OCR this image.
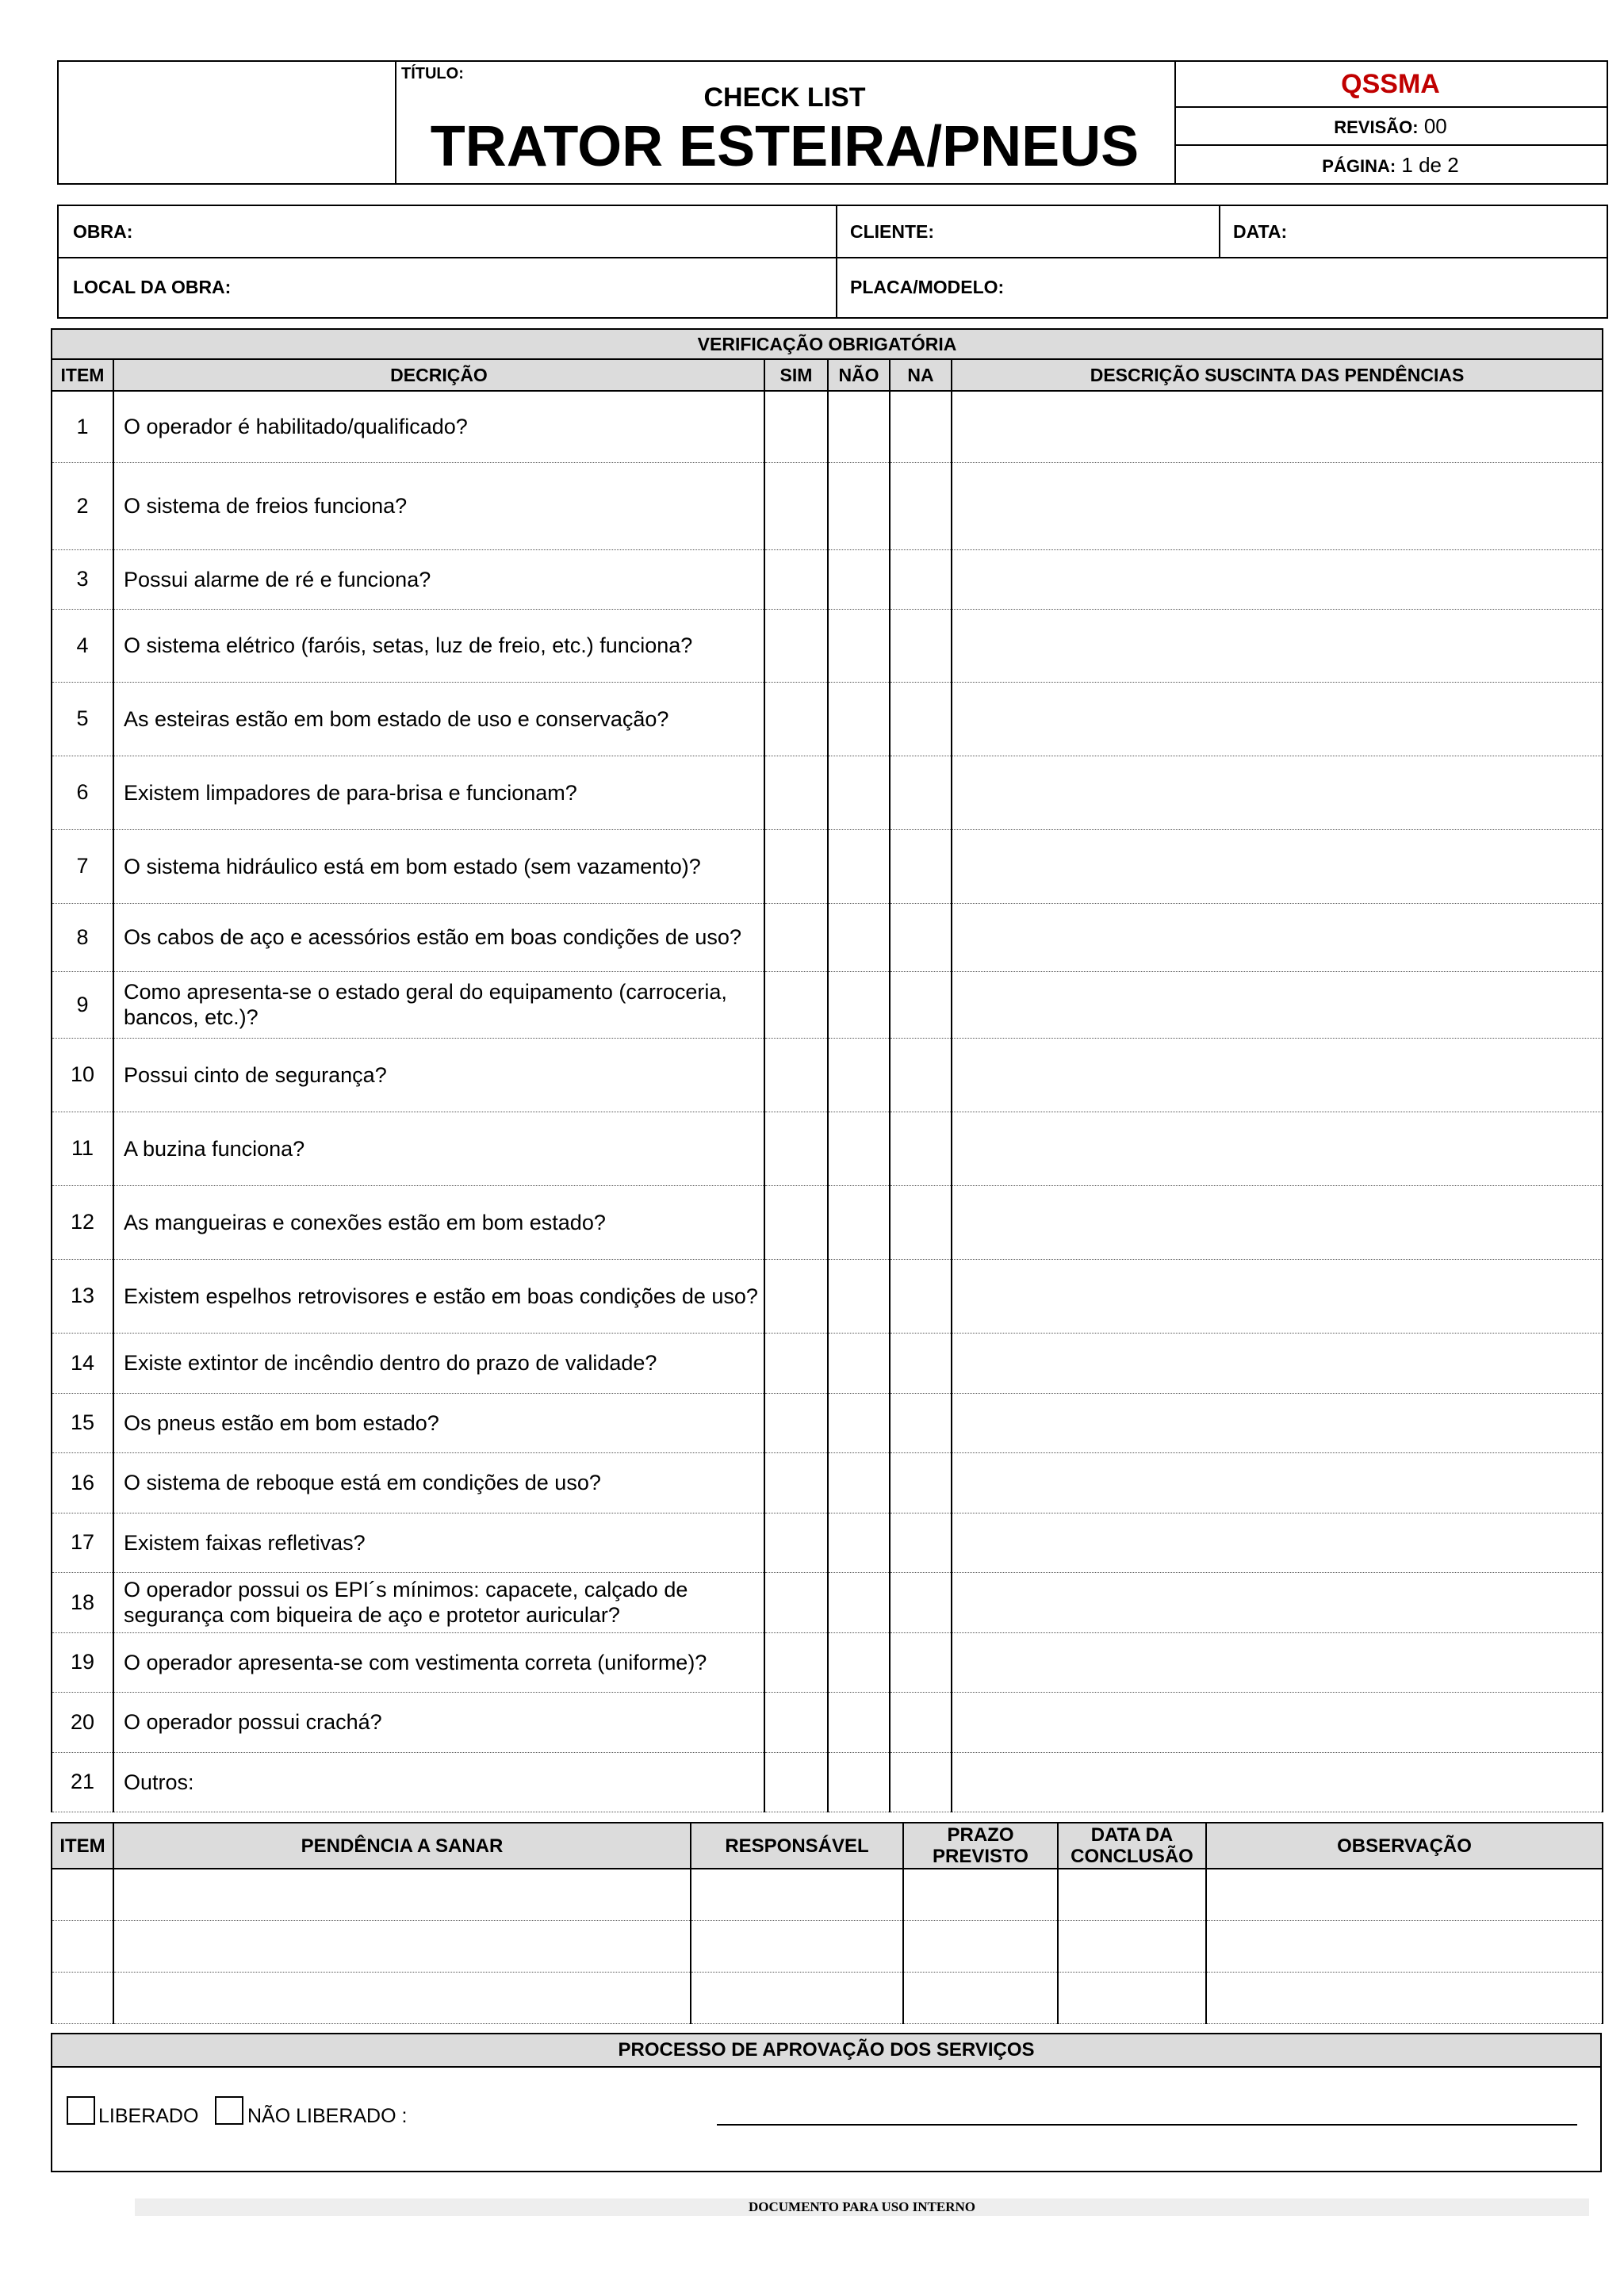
TÍTULO:
CHECK LIST
TRATOR ESTEIRA/PNEUS
QSSMA
REVISÃO: 00
PÁGINA: 1 de 2
OBRA:	CLIENTE:	DATA:
LOCAL DA OBRA:	PLACA/MODELO:
VERIFICAÇÃO OBRIGATÓRIA					
ITEM	DECRIÇÃO	SIM	NÃO	NA	DESCRIÇÃO SUSCINTA DAS PENDÊNCIAS
1	O operador é habilitado/qualificado?				
2	O sistema de freios funciona?				
3	Possui alarme de ré e funciona?				
4	O sistema elétrico (faróis, setas, luz de freio, etc.) funciona?				
5	As esteiras estão em bom estado de uso e conservação?				
6	Existem limpadores de para-brisa e funcionam?				
7	O sistema hidráulico está em bom estado (sem vazamento)?				
8	Os cabos de aço e acessórios estão em boas condições de uso?				
9	Como apresenta-se o estado geral do equipamento (carroceria, bancos, etc.)?				
10	Possui cinto de segurança?				
11	A buzina funciona?				
12	As mangueiras e conexões estão em bom estado?				
13	Existem espelhos retrovisores e estão em boas condições de uso?				
14	Existe extintor de incêndio dentro do prazo de validade?				
15	Os pneus estão em bom estado?				
16	O sistema de reboque está em condições de uso?				
17	Existem faixas refletivas?				
18	O operador possui os EPI´s mínimos: capacete, calçado de segurança com biqueira de aço e protetor auricular?				
19	O operador apresenta-se com vestimenta correta (uniforme)?				
20	O operador possui crachá?				
21	Outros:				
ITEM	PENDÊNCIA A SANAR	RESPONSÁVEL	PRAZO PREVISTO	DATA DA CONCLUSÃO	OBSERVAÇÃO

PROCESSO DE APROVAÇÃO DOS SERVIÇOS
LIBERADO NÃO LIBERADO :
DOCUMENTO PARA USO INTERNO
